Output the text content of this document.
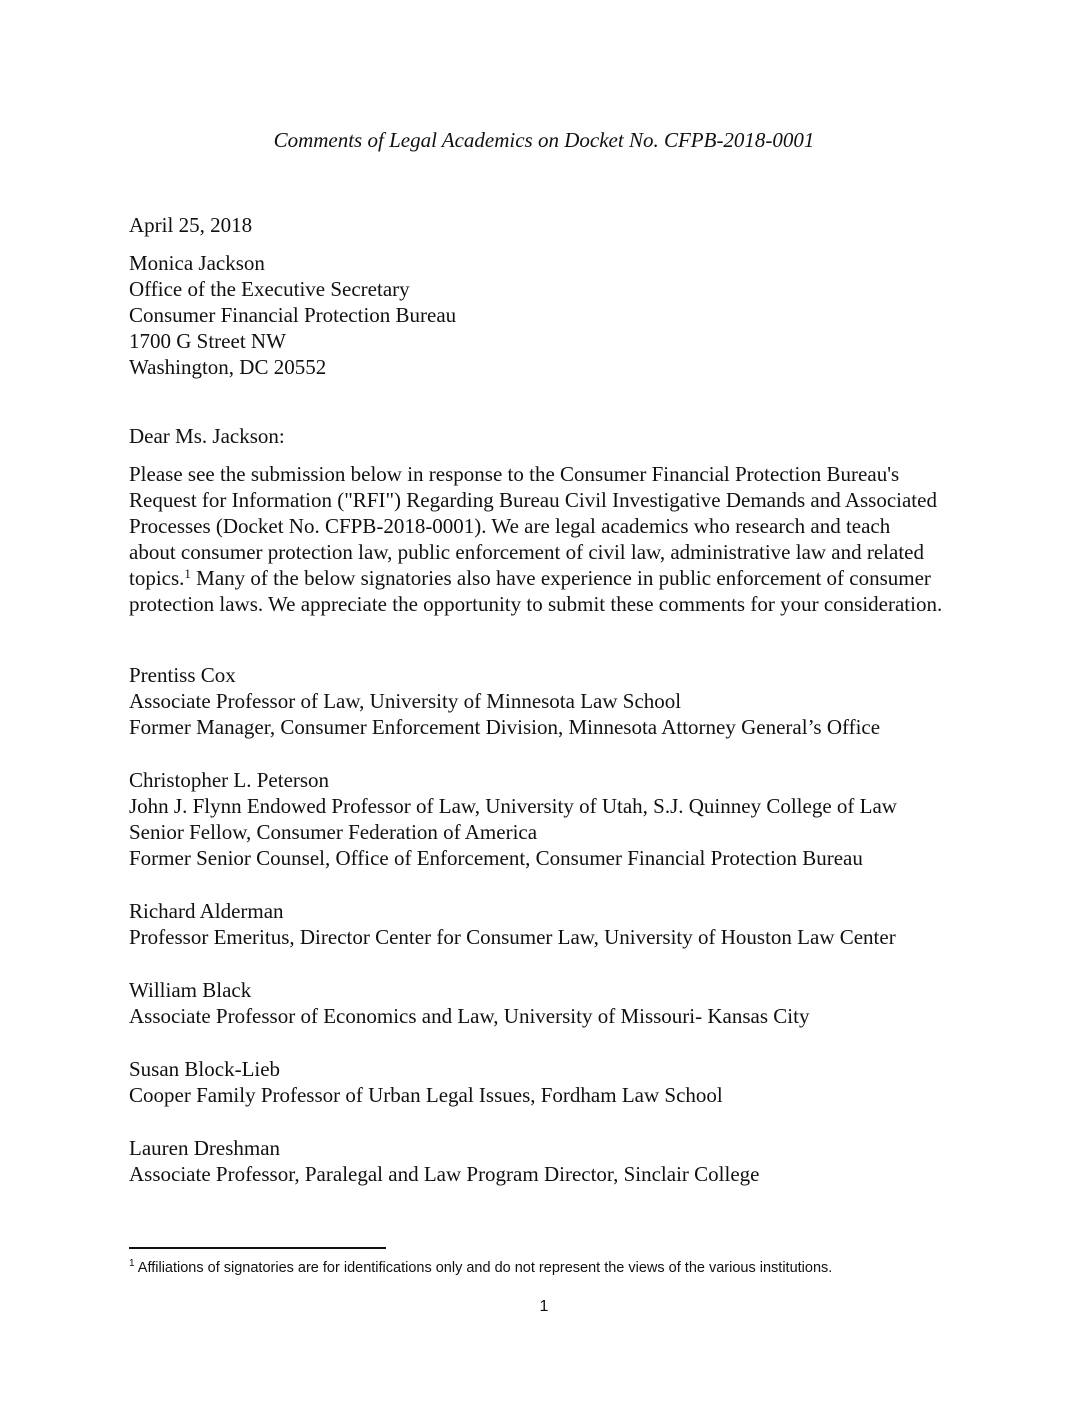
Comments of Legal Academics on Docket No. CFPB-2018-0001
April 25, 2018
Monica Jackson
Office of the Executive Secretary
Consumer Financial Protection Bureau
1700 G Street NW
Washington, DC 20552
Dear Ms. Jackson:
Please see the submission below in response to the Consumer Financial Protection Bureau's
Request for Information ("RFI") Regarding Bureau Civil Investigative Demands and Associated
Processes (Docket No. CFPB-2018-0001). We are legal academics who research and teach
about consumer protection law, public enforcement of civil law, administrative law and related
topics.$^1$ Many of the below signatories also have experience in public enforcement of consumer
protection laws. We appreciate the opportunity to submit these comments for your consideration.
Prentiss Cox
Associate Professor of Law, University of Minnesota Law School
Former Manager, Consumer Enforcement Division, Minnesota Attorney General’s Office
Christopher L. Peterson
John J. Flynn Endowed Professor of Law, University of Utah, S.J. Quinney College of Law
Senior Fellow, Consumer Federation of America
Former Senior Counsel, Office of Enforcement, Consumer Financial Protection Bureau
Richard Alderman
Professor Emeritus, Director Center for Consumer Law, University of Houston Law Center
William Black
Associate Professor of Economics and Law, University of Missouri- Kansas City
Susan Block-Lieb
Cooper Family Professor of Urban Legal Issues, Fordham Law School
Lauren Dreshman
Associate Professor, Paralegal and Law Program Director, Sinclair College
$^1$ Affiliations of signatories are for identifications only and do not represent the views of the various institutions.
1
